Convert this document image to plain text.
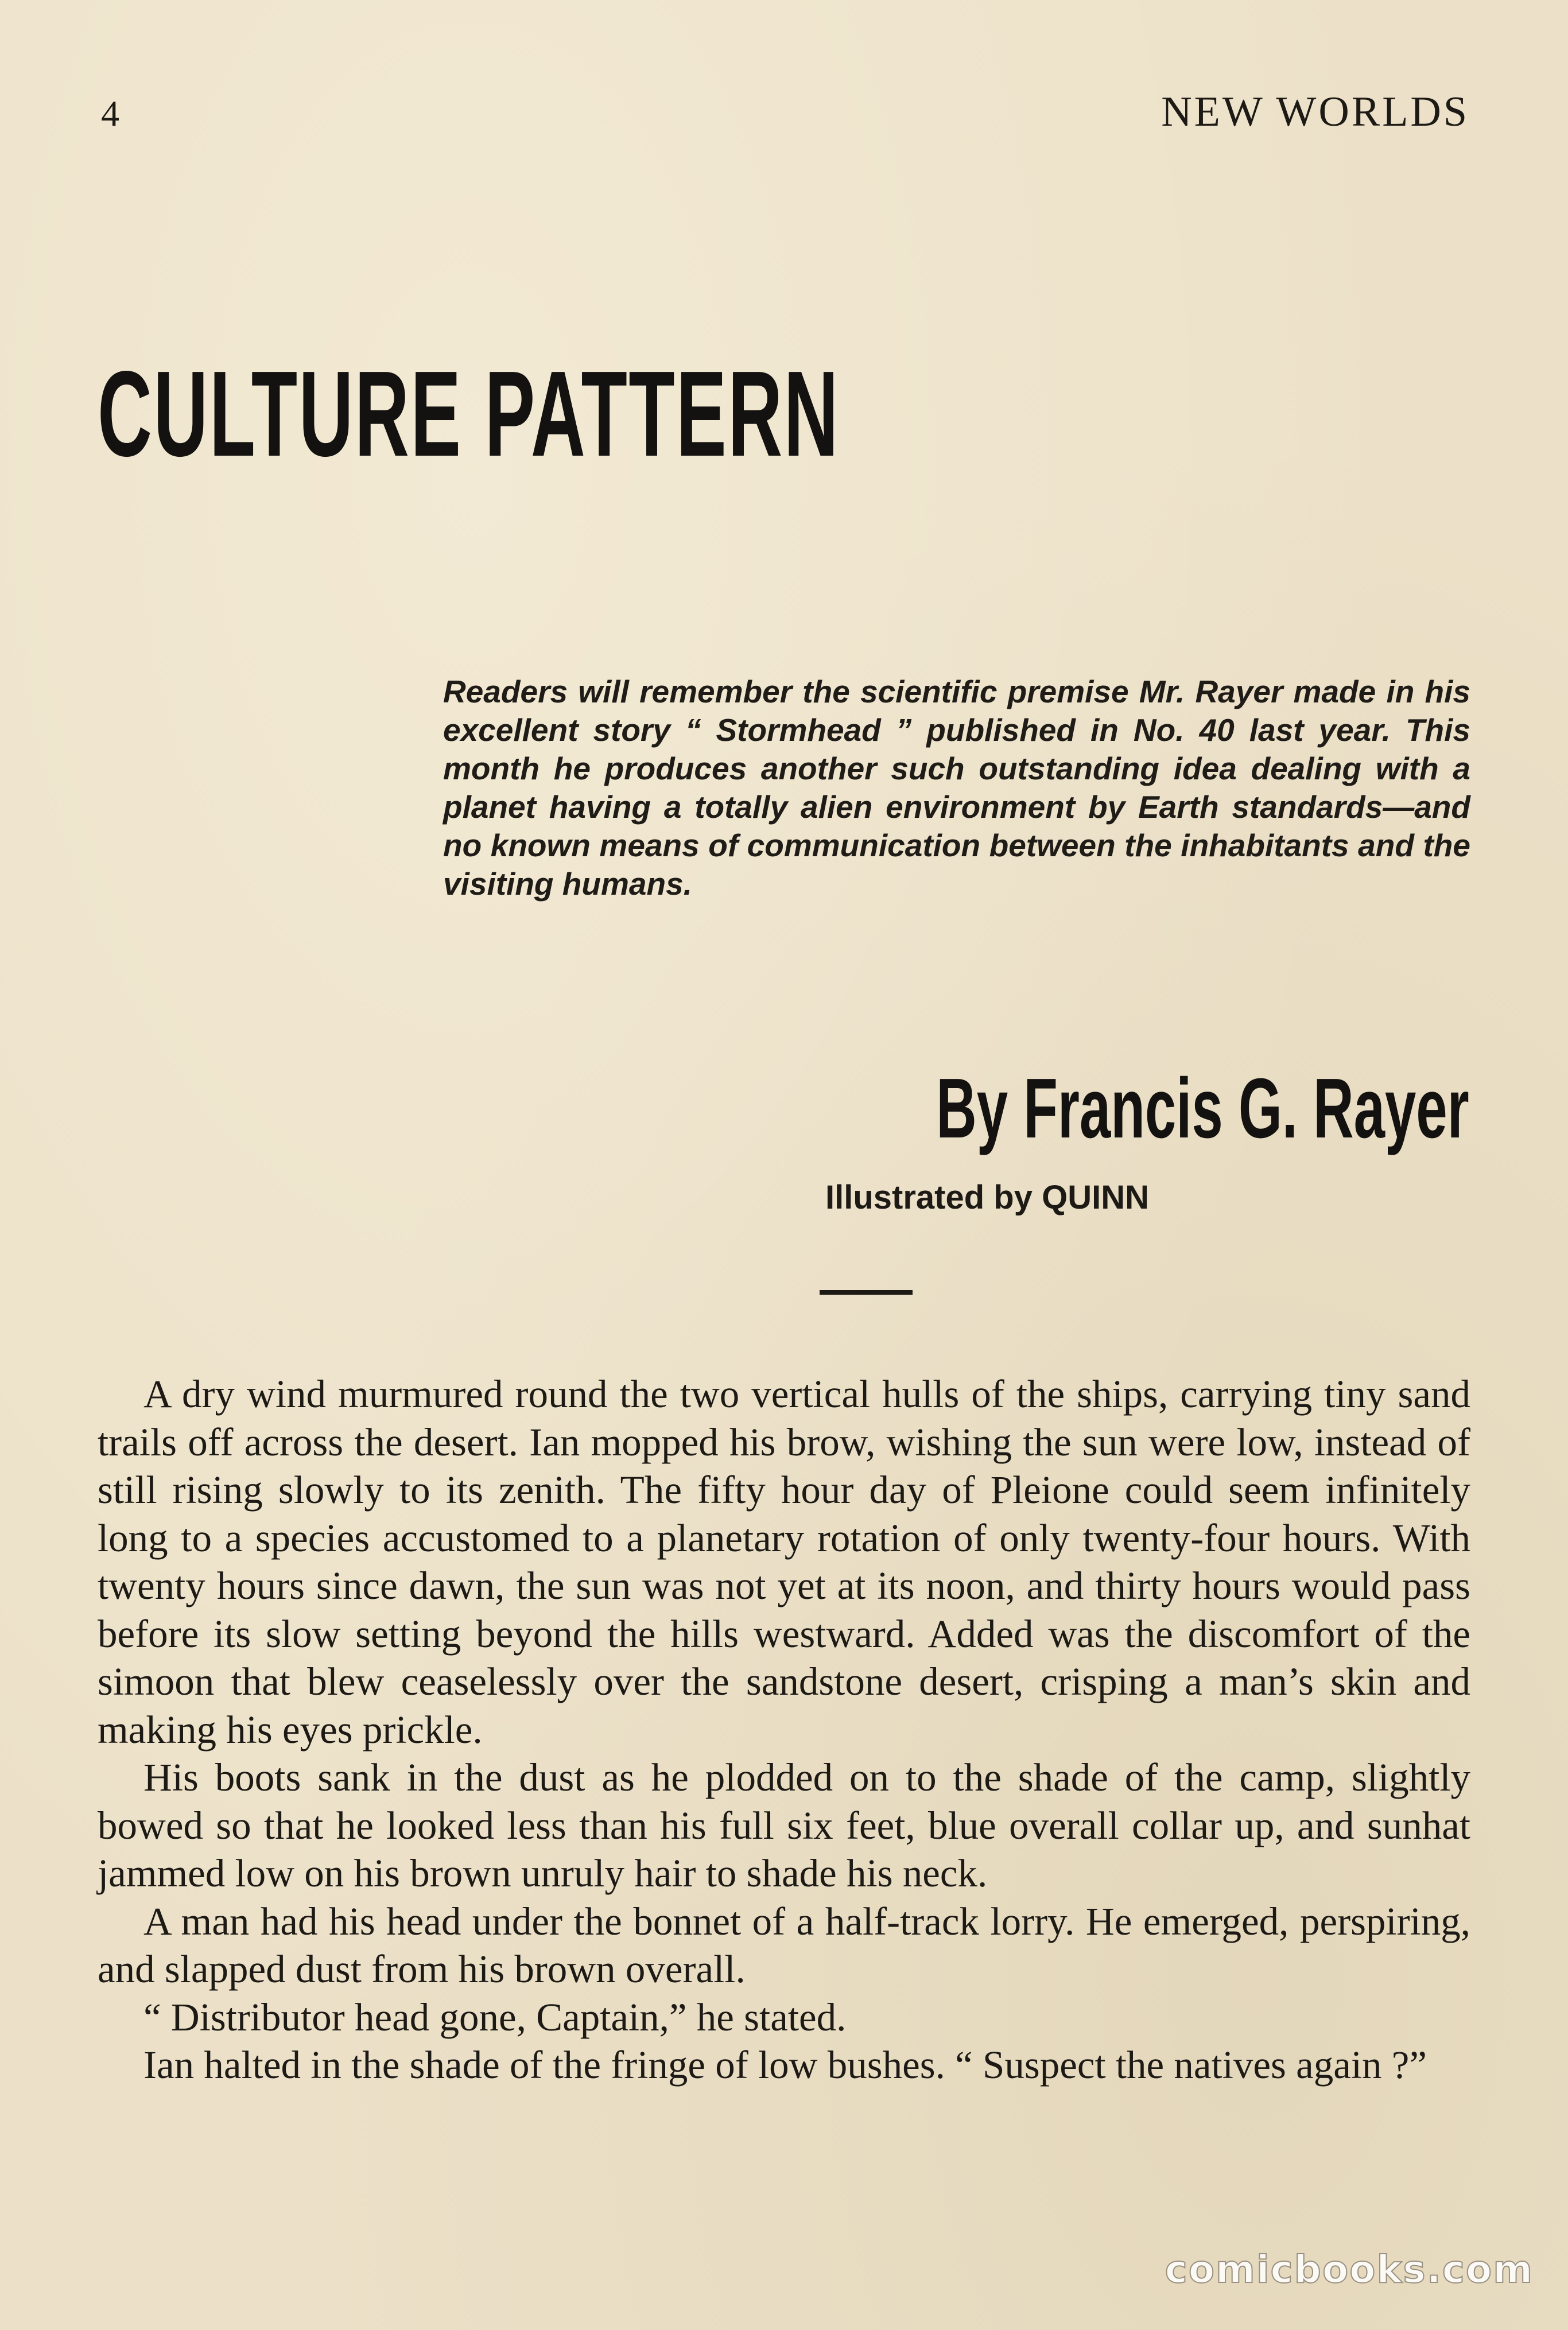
4	NEW WORLDS
CULTURE PATTERN

Readers will remember the scientific premise Mr. Rayer made in his excellent story “ Stormhead ” published in No. 40 last year. This month he produces another such outstanding idea dealing with a planet having a totally alien environment by Earth standards—and no known means of communication between the inhabitants and the visiting humans.

By Francis G. Rayer
Illustrated by QUINN

A dry wind murmured round the two vertical hulls of the ships, carrying tiny sand trails off across the desert. Ian mopped his brow, wishing the sun were low, instead of still rising slowly to its zenith. The fifty hour day of Pleione could seem infinitely long to a species accustomed to a planetary rotation of only twenty-four hours. With twenty hours since dawn, the sun was not yet at its noon, and thirty hours would pass before its slow setting beyond the hills westward. Added was the discomfort of the simoon that blew ceaselessly over the sandstone desert, crisping a man’s skin and making his eyes prickle.

His boots sank in the dust as he plodded on to the shade of the camp, slightly bowed so that he looked less than his full six feet, blue overall collar up, and sunhat jammed low on his brown unruly hair to shade his neck.

A man had his head under the bonnet of a half-track lorry. He emerged, perspiring, and slapped dust from his brown overall.

“ Distributor head gone, Captain,” he stated.

Ian halted in the shade of the fringe of low bushes. “ Suspect the natives again ?”

comicbooks.com
